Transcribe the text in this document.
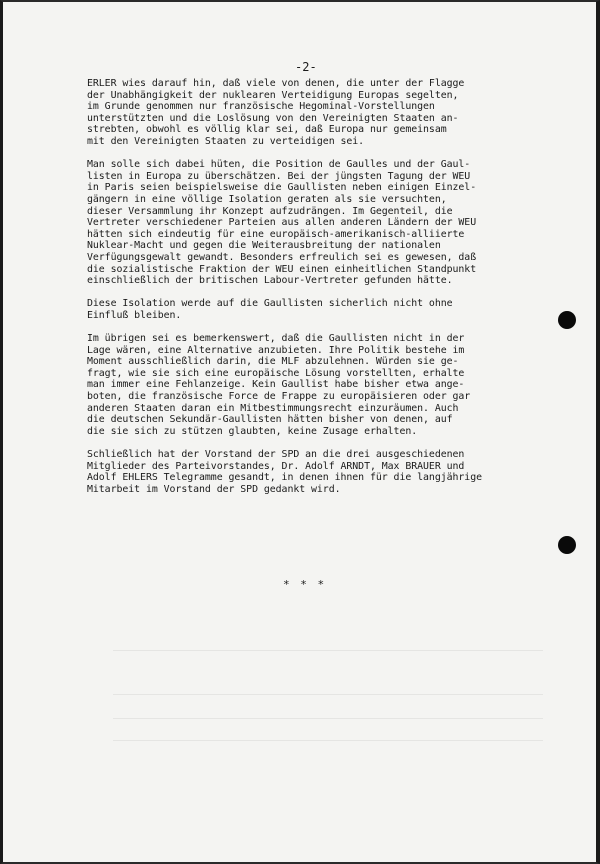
-2-
ERLER wies darauf hin, daß viele von denen, die unter der Flagge
der Unabhängigkeit der nuklearen Verteidigung Europas segelten,
im Grunde genommen nur französische Hegominal-Vorstellungen
unterstützten und die Loslösung von den Vereinigten Staaten an-
strebten, obwohl es völlig klar sei, daß Europa nur gemeinsam
mit den Vereinigten Staaten zu verteidigen sei.
Man solle sich dabei hüten, die Position de Gaulles und der Gaul-
listen in Europa zu überschätzen. Bei der jüngsten Tagung der WEU
in Paris seien beispielsweise die Gaullisten neben einigen Einzel-
gängern in eine völlige Isolation geraten als sie versuchten,
dieser Versammlung ihr Konzept aufzudrängen. Im Gegenteil, die
Vertreter verschiedener Parteien aus allen anderen Ländern der WEU
hätten sich eindeutig für eine europäisch-amerikanisch-alliierte
Nuklear-Macht und gegen die Weiterausbreitung der nationalen
Verfügungsgewalt gewandt. Besonders erfreulich sei es gewesen, daß
die sozialistische Fraktion der WEU einen einheitlichen Standpunkt
einschließlich der britischen Labour-Vertreter gefunden hätte.
Diese Isolation werde auf die Gaullisten sicherlich nicht ohne
Einfluß bleiben.
Im übrigen sei es bemerkenswert, daß die Gaullisten nicht in der
Lage wären, eine Alternative anzubieten. Ihre Politik bestehe im
Moment ausschließlich darin, die MLF abzulehnen. Würden sie ge-
fragt, wie sie sich eine europäische Lösung vorstellten, erhalte
man immer eine Fehlanzeige. Kein Gaullist habe bisher etwa ange-
boten, die französische Force de Frappe zu europäisieren oder gar
anderen Staaten daran ein Mitbestimmungsrecht einzuräumen. Auch
die deutschen Sekundär-Gaullisten hätten bisher von denen, auf
die sie sich zu stützen glaubten, keine Zusage erhalten.
Schließlich hat der Vorstand der SPD an die drei ausgeschiedenen
Mitglieder des Parteivorstandes, Dr. Adolf ARNDT, Max BRAUER und
Adolf EHLERS Telegramme gesandt, in denen ihnen für die langjährige
Mitarbeit im Vorstand der SPD gedankt wird.
* * *
